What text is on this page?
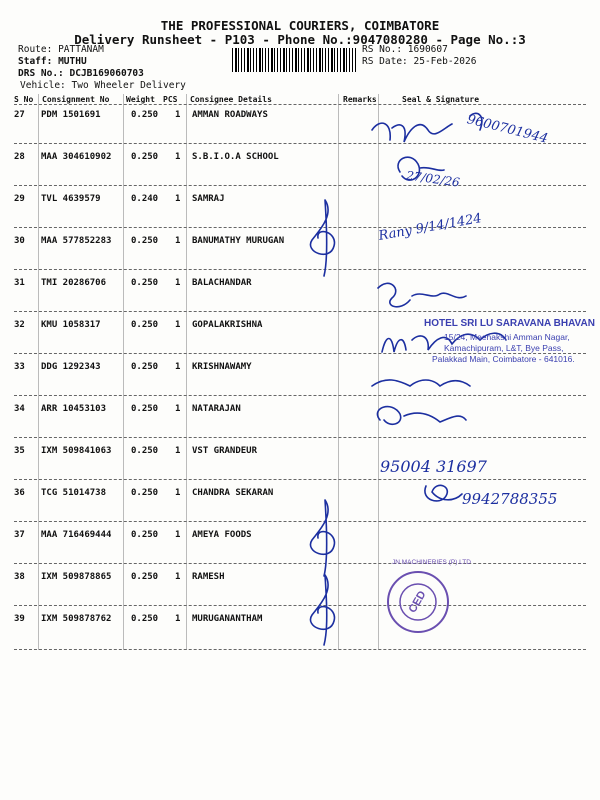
THE PROFESSIONAL COURIERS, COIMBATORE
Delivery Runsheet - P103 - Phone No.:9047080280 - Page No.:3
Route: PATTANAM
Staff: MUTHU
DRS No.: DCJB169060703
Vehicle: Two Wheeler Delivery
RS No.: 1690607
RS Date: 25-Feb-2026
S No Consignment No Weight PCS Consignee Details	Remarks	Seal & Signature
27 PDM 1501691	0.250 1 AMMAN ROADWAYS
28 MAA 304610902 0.250 1 S.B.I.O.A SCHOOL
29 TVL 4639579	0.240 1 SAMRAJ
30 MAA 577852283 0.250 1 BANUMATHY MURUGAN
31 TMI 20286706	0.250 1 BALACHANDAR
32 KMU 1058317	0.250 1 GOPALAKRISHNA
33 DDG 1292343	0.250 1 KRISHNAWAMY
34 ARR 10453103	0.250 1 NATARAJAN
35 IXM 509841063 0.250 1 VST GRANDEUR
36 TCG 51014738	0.250 1 CHANDRA SEKARAN
37 MAA 716469444 0.250 1 AMEYA FOODS
38 IXM 509878865 0.250 1 RAMESH
39 IXM 509878762 0.250 1 MURUGANANTHAM
9600701944
27/02/26
Rany 9/14/1424
95004 31697
9942788355
HOTEL SRI LU SARAVANA BHAVAN
15/24, Meenakshi Amman Nagar,
Kamachipuram, L&T, Bye Pass,
Palakkad Main, Coimbatore - 641016.
CED
JN MACHINERIES (P) LTD
